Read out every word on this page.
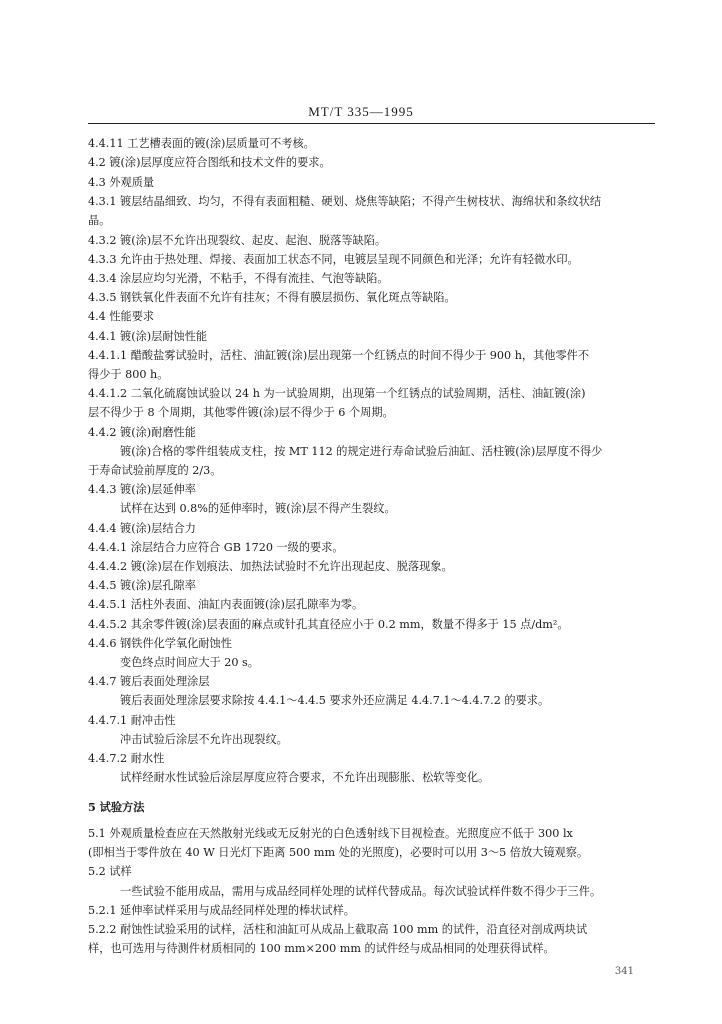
MT/T 335—1995
4.4.11 工艺槽表面的镀(涂)层质量可不考核。
4.2 镀(涂)层厚度应符合图纸和技术文件的要求。
4.3 外观质量
4.3.1 镀层结晶细致、均匀，不得有表面粗糙、硬划、烧焦等缺陷；不得产生树枝状、海绵状和条纹状结
晶。
4.3.2 镀(涂)层不允许出现裂纹、起皮、起泡、脱落等缺陷。
4.3.3 允许由于热处理、焊接、表面加工状态不同，电镀层呈现不同颜色和光泽；允许有轻微水印。
4.3.4 涂层应均匀光滑，不粘手，不得有流挂、气泡等缺陷。
4.3.5 钢铁氧化件表面不允许有挂灰；不得有膜层损伤、氧化斑点等缺陷。
4.4 性能要求
4.4.1 镀(涂)层耐蚀性能
4.4.1.1 醋酸盐雾试验时，活柱、油缸镀(涂)层出现第一个红锈点的时间不得少于 900 h，其他零件不
得少于 800 h。
4.4.1.2 二氧化硫腐蚀试验以 24 h 为一试验周期，出现第一个红锈点的试验周期，活柱、油缸镀(涂)
层不得少于 8 个周期，其他零件镀(涂)层不得少于 6 个周期。
4.4.2 镀(涂)耐磨性能
镀(涂)合格的零件组装成支柱，按 MT 112 的规定进行寿命试验后油缸、活柱镀(涂)层厚度不得少
于寿命试验前厚度的 2/3。
4.4.3 镀(涂)层延伸率
试样在达到 0.8%的延伸率时，镀(涂)层不得产生裂纹。
4.4.4 镀(涂)层结合力
4.4.4.1 涂层结合力应符合 GB 1720 一级的要求。
4.4.4.2 镀(涂)层在作划痕法、加热法试验时不允许出现起皮、脱落现象。
4.4.5 镀(涂)层孔隙率
4.4.5.1 活柱外表面、油缸内表面镀(涂)层孔隙率为零。
4.4.5.2 其余零件镀(涂)层表面的麻点或针孔其直径应小于 0.2 mm，数量不得多于 15 点/dm²。
4.4.6 钢铁件化学氧化耐蚀性
变色终点时间应大于 20 s。
4.4.7 镀后表面处理涂层
镀后表面处理涂层要求除按 4.4.1～4.4.5 要求外还应满足 4.4.7.1～4.4.7.2 的要求。
4.4.7.1 耐冲击性
冲击试验后涂层不允许出现裂纹。
4.4.7.2 耐水性
试样经耐水性试验后涂层厚度应符合要求，不允许出现膨胀、松软等变化。
5 试验方法
5.1 外观质量检查应在天然散射光线或无反射光的白色透射线下目视检查。光照度应不低于 300 lx
(即相当于零件放在 40 W 日光灯下距离 500 mm 处的光照度)，必要时可以用 3～5 倍放大镜观察。
5.2 试样
一些试验不能用成品，需用与成品经同样处理的试样代替成品。每次试验试样件数不得少于三件。
5.2.1 延伸率试样采用与成品经同样处理的棒状试样。
5.2.2 耐蚀性试验采用的试样，活柱和油缸可从成品上截取高 100 mm 的试件，沿直径对剖成两块试
样，也可选用与待测件材质相同的 100 mm×200 mm 的试件经与成品相同的处理获得试样。
341
